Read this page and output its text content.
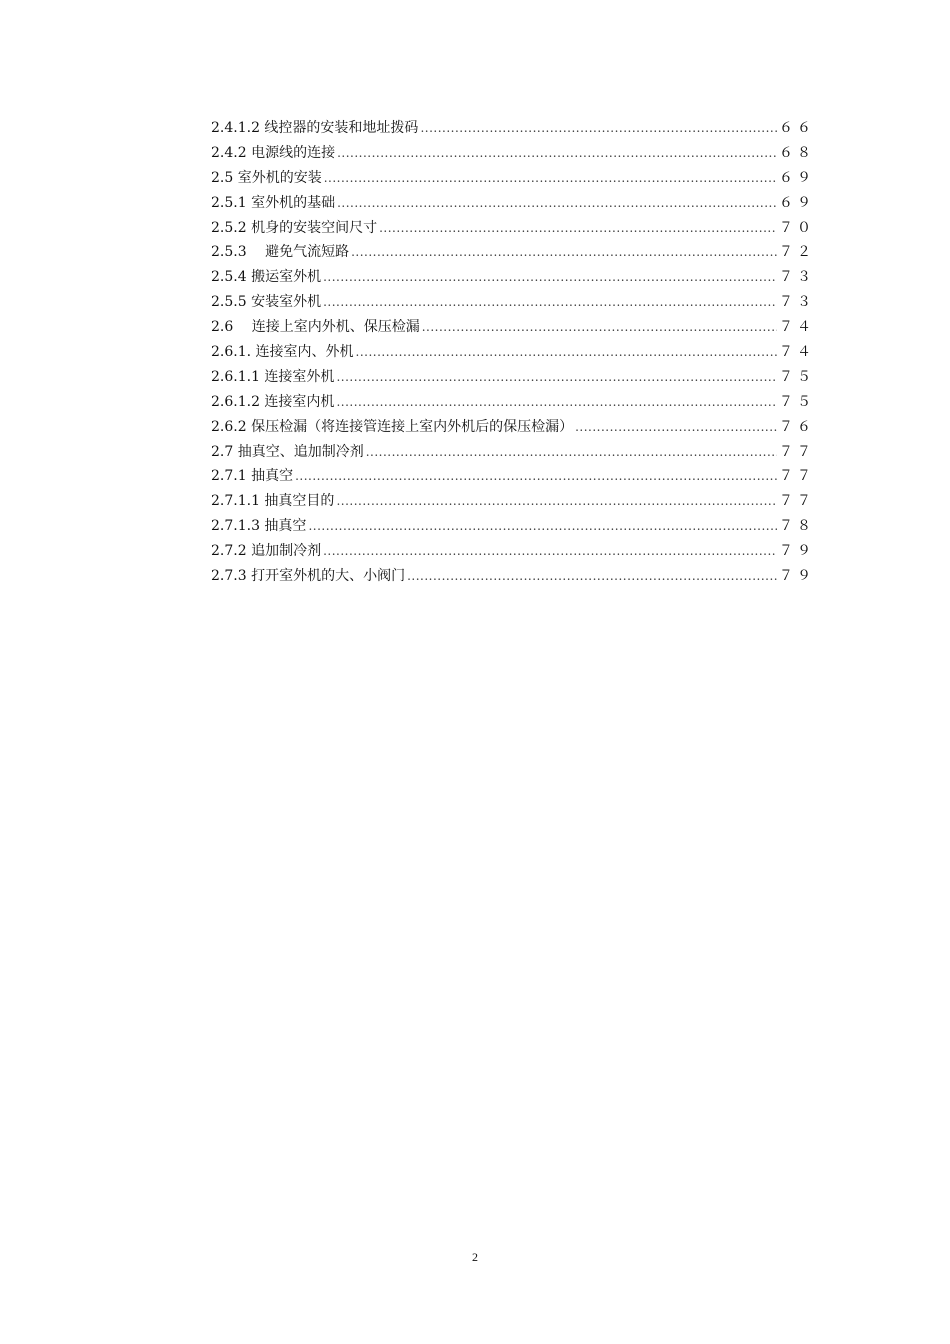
2.4.1.2 线控器的安装和地址拨码 .....	６６
2.4.2 电源线的连接 .....	６８
2.5 室外机的安装 .....	６９
2.5.1 室外机的基础 .....	６９
2.5.2 机身的安装空间尺寸 .....	７０
2.5.3 　避免气流短路 .....	７２
2.5.4 搬运室外机 .....	７３
2.5.5 安装室外机 .....	７３
2.6 　连接上室内外机、保压检漏 .....	７４
2.6.1. 连接室内、外机 .....	７４
2.6.1.1 连接室外机 .....	７５
2.6.1.2 连接室内机 .....	７５
2.6.2 保压检漏（将连接管连接上室内外机后的保压检漏） .....	７６
2.7 抽真空、追加制冷剂 .....	７７
2.7.1 抽真空 .....	７７
2.7.1.1 抽真空目的 .....	７７
2.7.1.3 抽真空 .....	７８
2.7.2 追加制冷剂 .....	７９
2.7.3 打开室外机的大、小阀门 .....	７９
2
